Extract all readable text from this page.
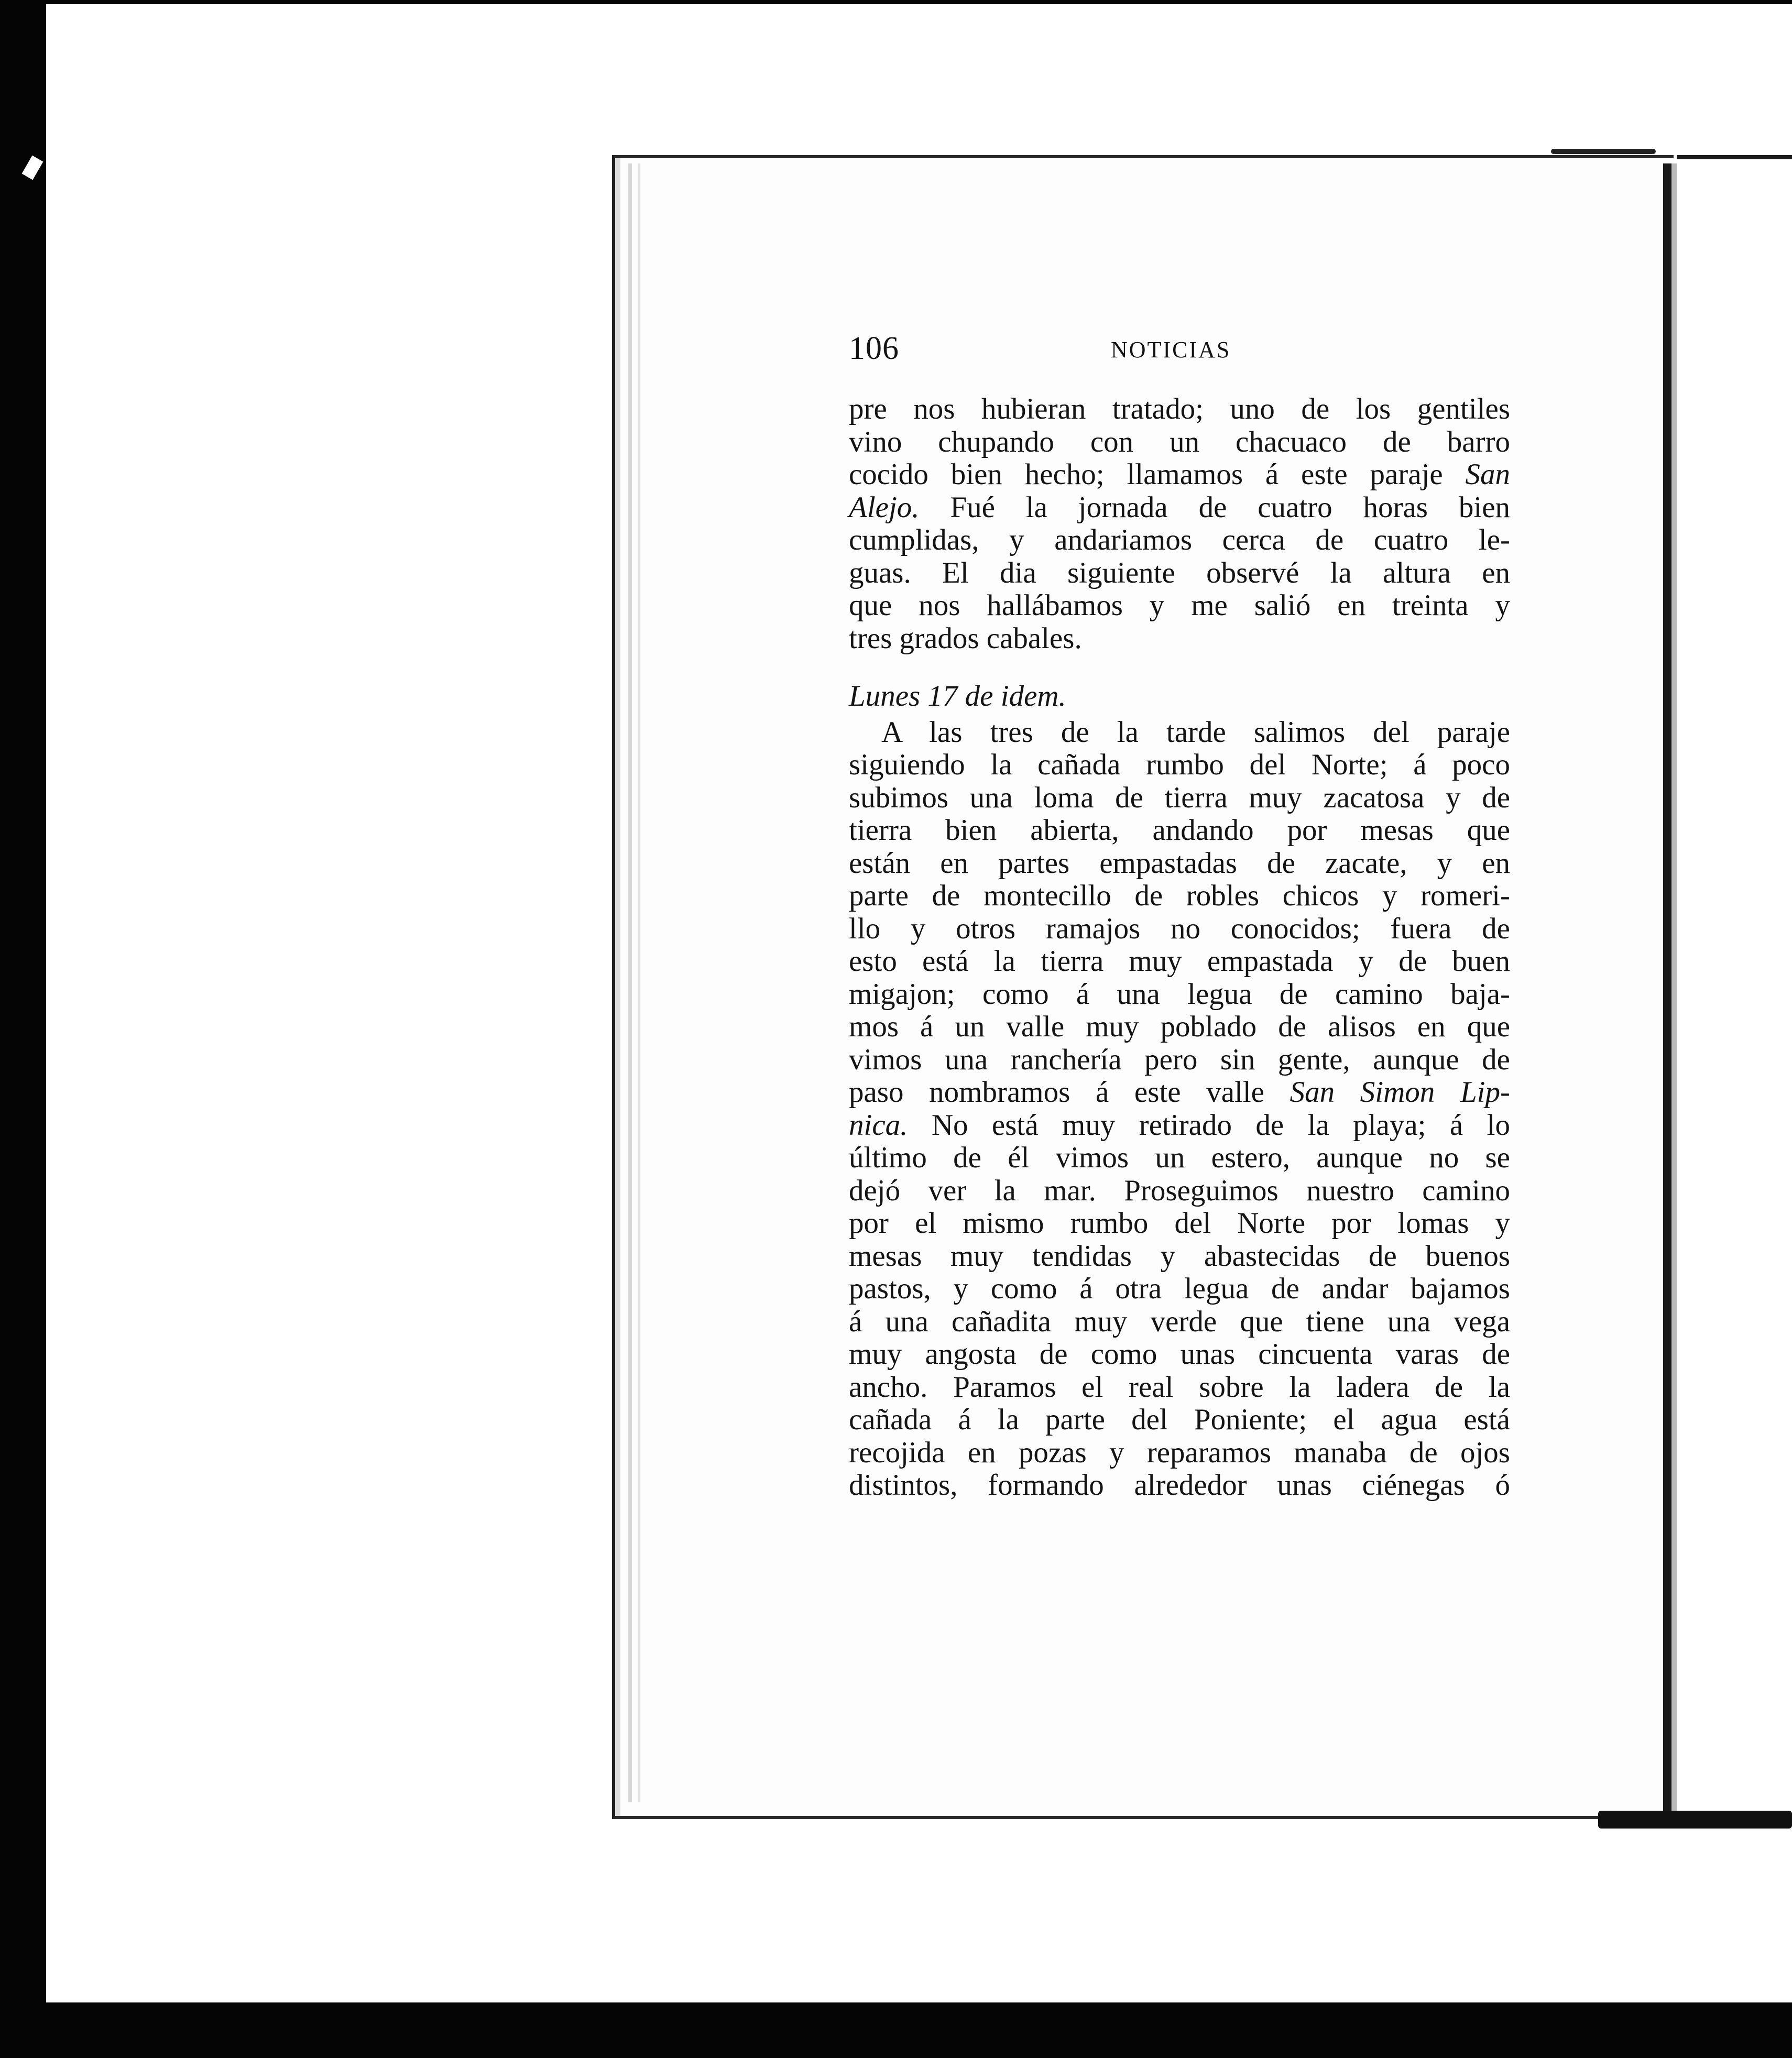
106	NOTICIAS
pre nos hubieran tratado; uno de los gentiles
vino chupando con un chacuaco de barro
cocido bien hecho; llamamos á este paraje San
Alejo. Fué la jornada de cuatro horas bien
cumplidas, y andariamos cerca de cuatro le-
guas. El dia siguiente observé la altura en
que nos hallábamos y me salió en treinta y
tres grados cabales.
Lunes 17 de idem.
A las tres de la tarde salimos del paraje
siguiendo la cañada rumbo del Norte; á poco
subimos una loma de tierra muy zacatosa y de
tierra bien abierta, andando por mesas que
están en partes empastadas de zacate, y en
parte de montecillo de robles chicos y romeri-
llo y otros ramajos no conocidos; fuera de
esto está la tierra muy empastada y de buen
migajon; como á una legua de camino baja-
mos á un valle muy poblado de alisos en que
vimos una ranchería pero sin gente, aunque de
paso nombramos á este valle San Simon Lip-
nica. No está muy retirado de la playa; á lo
último de él vimos un estero, aunque no se
dejó ver la mar. Proseguimos nuestro camino
por el mismo rumbo del Norte por lomas y
mesas muy tendidas y abastecidas de buenos
pastos, y como á otra legua de andar bajamos
á una cañadita muy verde que tiene una vega
muy angosta de como unas cincuenta varas de
ancho. Paramos el real sobre la ladera de la
cañada á la parte del Poniente; el agua está
recojida en pozas y reparamos manaba de ojos
distintos, formando alrededor unas ciénegas ó
